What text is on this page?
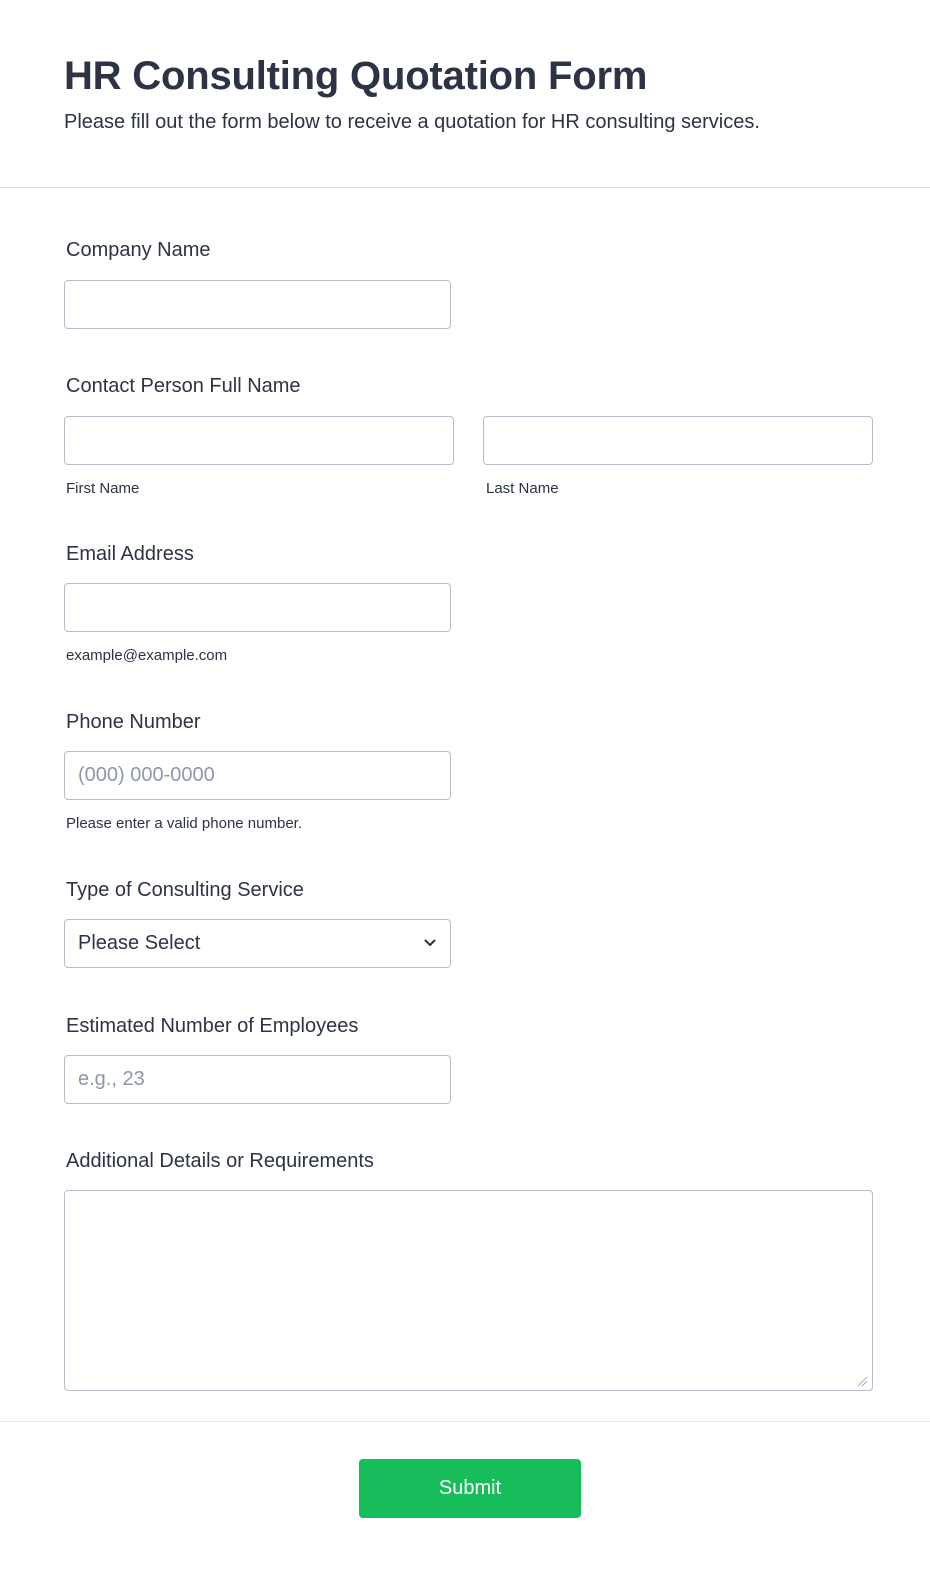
HR Consulting Quotation Form

Please fill out the form below to receive a quotation for HR consulting services.

Company Name
Contact Person Full Name
First Name	Last Name
Email Address
example@example.com
Phone Number
(000) 000-0000
Please enter a valid phone number.
Type of Consulting Service
Please Select
Estimated Number of Employees
e.g., 23
Additional Details or Requirements
Submit
